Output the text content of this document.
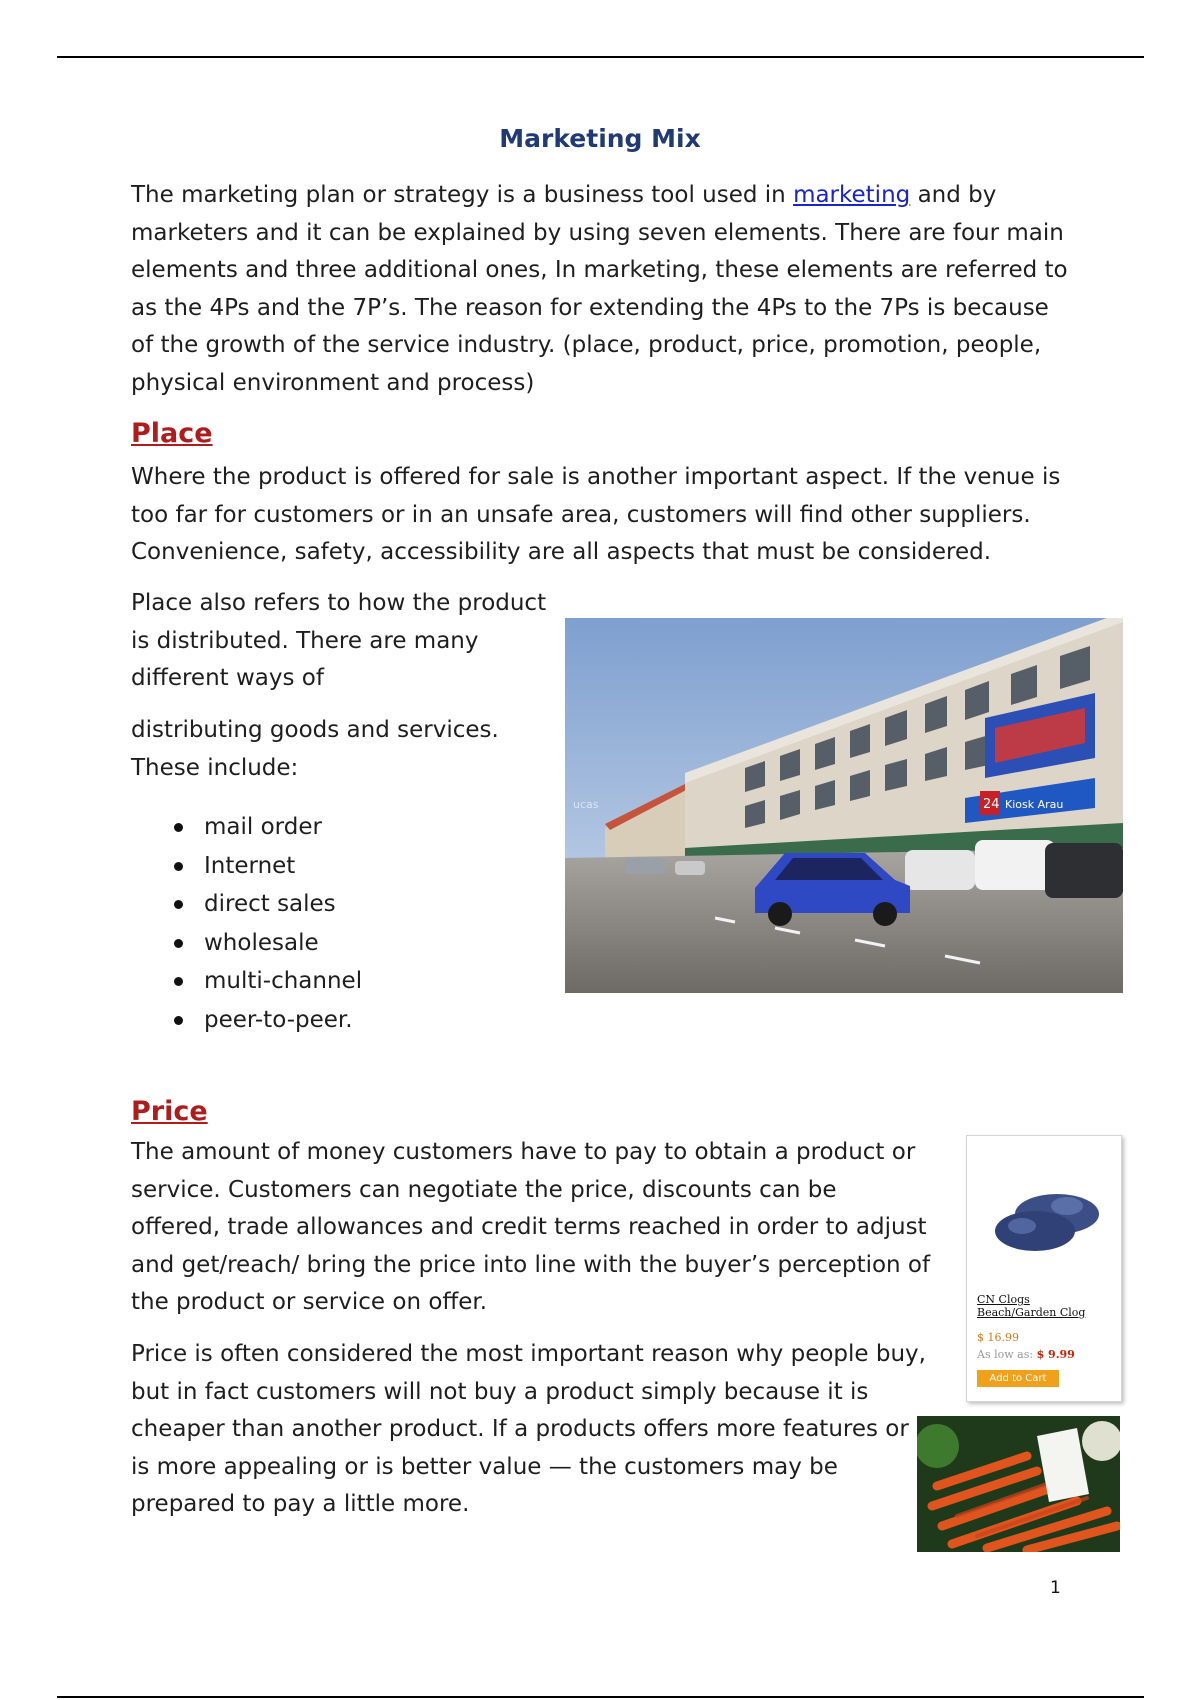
Marketing Mix

The marketing plan or strategy is a business tool used in marketing and by marketers and it can be explained by using seven elements. There are four main elements and three additional ones, In marketing, these elements are referred to as the 4Ps and the 7P’s. The reason for extending the 4Ps to the 7Ps is because of the growth of the service industry. (place, product, price, promotion, people, physical environment and process)

Place

Where the product is offered for sale is another important aspect. If the venue is too far for customers or in an unsafe area, customers will find other suppliers. Convenience, safety, accessibility are all aspects that must be considered.

Place also refers to how the product is distributed. There are many different ways of

distributing goods and services. These include:

mail order
Internet
direct sales
wholesale
multi-channel
peer-to-peer.
Kiosk Arau
24
ucas
Price

The amount of money customers have to pay to obtain a product or service. Customers can negotiate the price, discounts can be offered, trade allowances and credit terms reached in order to adjust and get/reach/ bring the price into line with the buyer’s perception of the product or service on offer.

Price is often considered the most important reason why people buy, but in fact customers will not buy a product simply because it is cheaper than another product. If a products offers more features or is more appealing or is better value — the customers may be prepared to pay a little more.

CN Clogs
Beach/Garden Clog
$ 16.99
As low as: $ 9.99
Add to Cart
1
